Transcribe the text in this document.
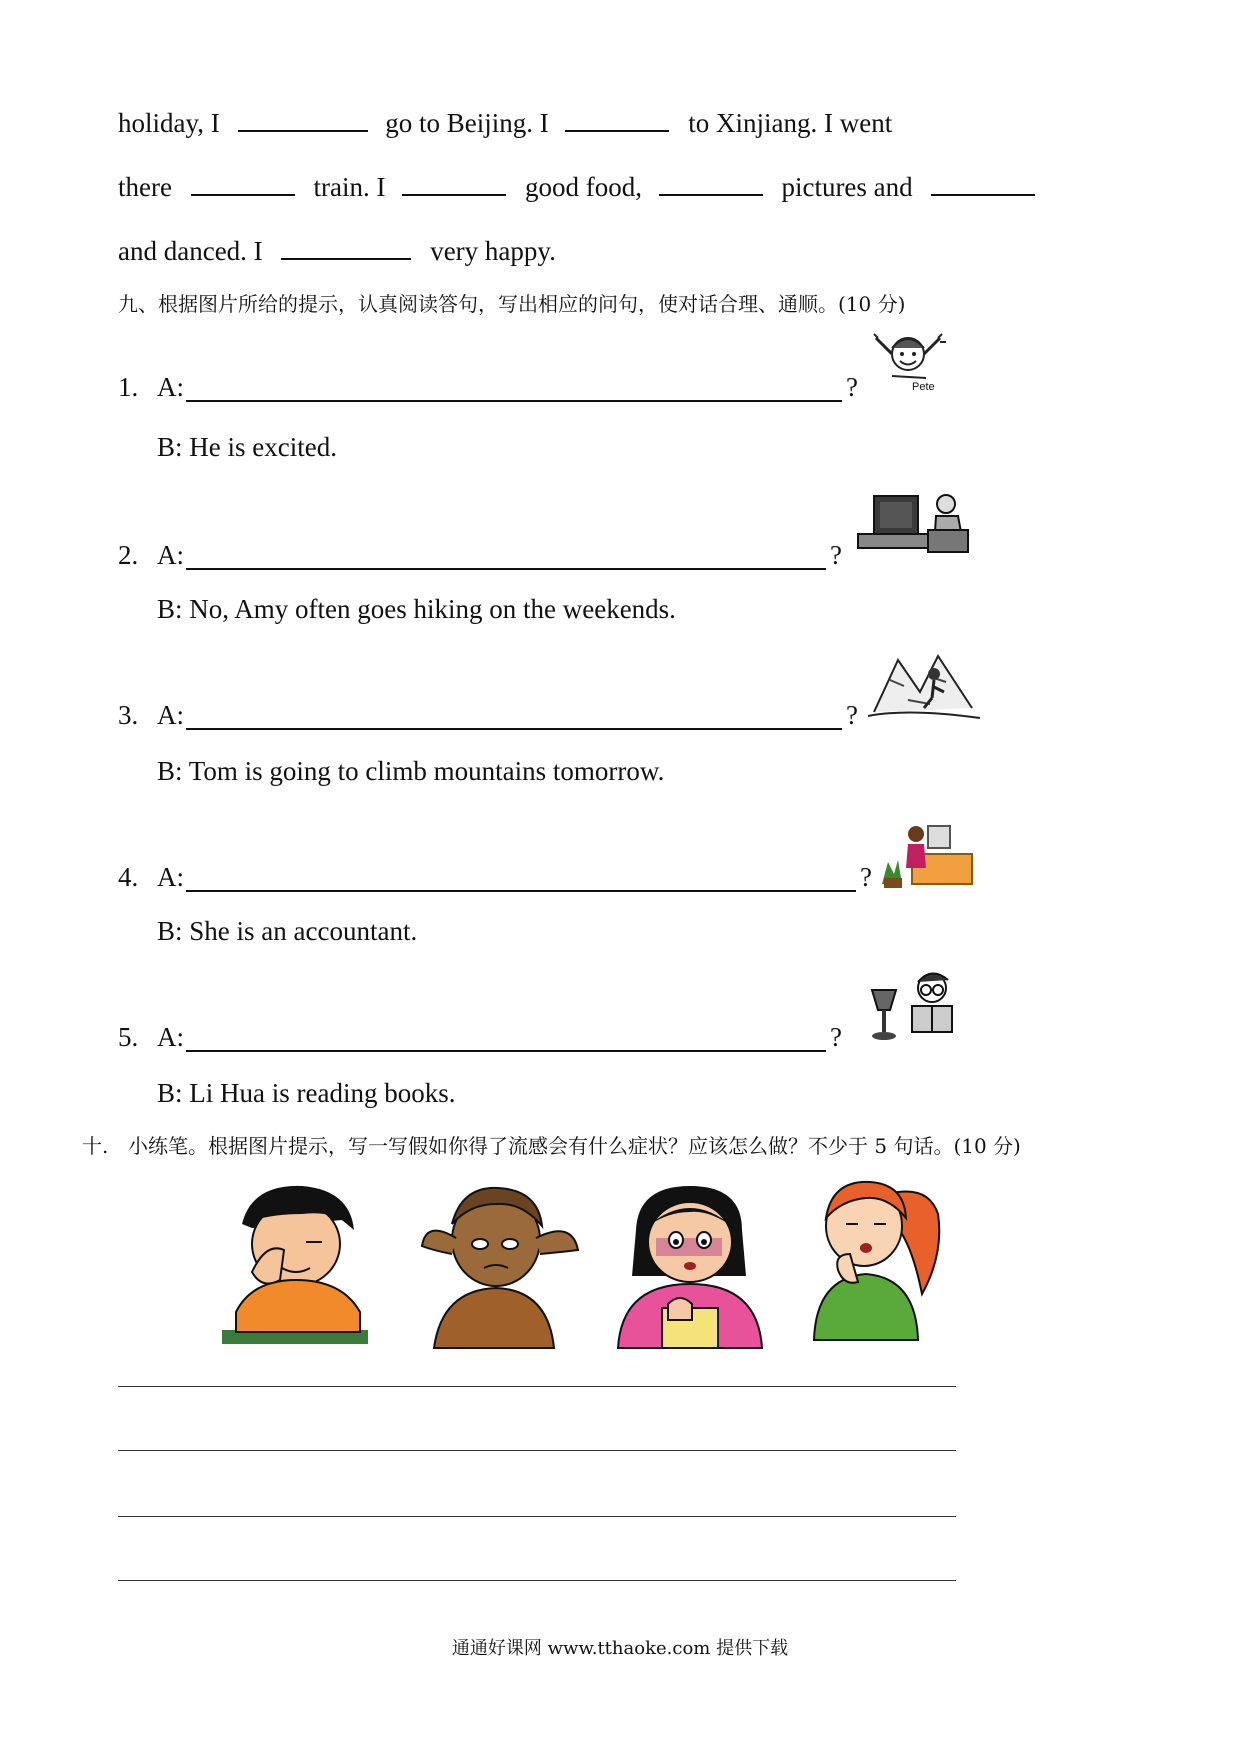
holiday, I	go to Beijing. I	to Xinjiang. I went
there	train. I	good food,	pictures and
and danced. I	very happy.
九、根据图片所给的提示，认真阅读答句，写出相应的问句，使对话合理、通顺。(10 分)
1. A:	?
B: He is excited.
Pete
2. A:	?
B: No, Amy often goes hiking on the weekends.
3. A:	?
B: Tom is going to climb mountains tomorrow.
4. A:	?
B: She is an accountant.
5. A:	?
B: Li Hua is reading books.
十. 小练笔。根据图片提示，写一写假如你得了流感会有什么症状？应该怎么做？不少于 5 句话。(10 分)
通通好课网 www.tthaoke.com 提供下载
